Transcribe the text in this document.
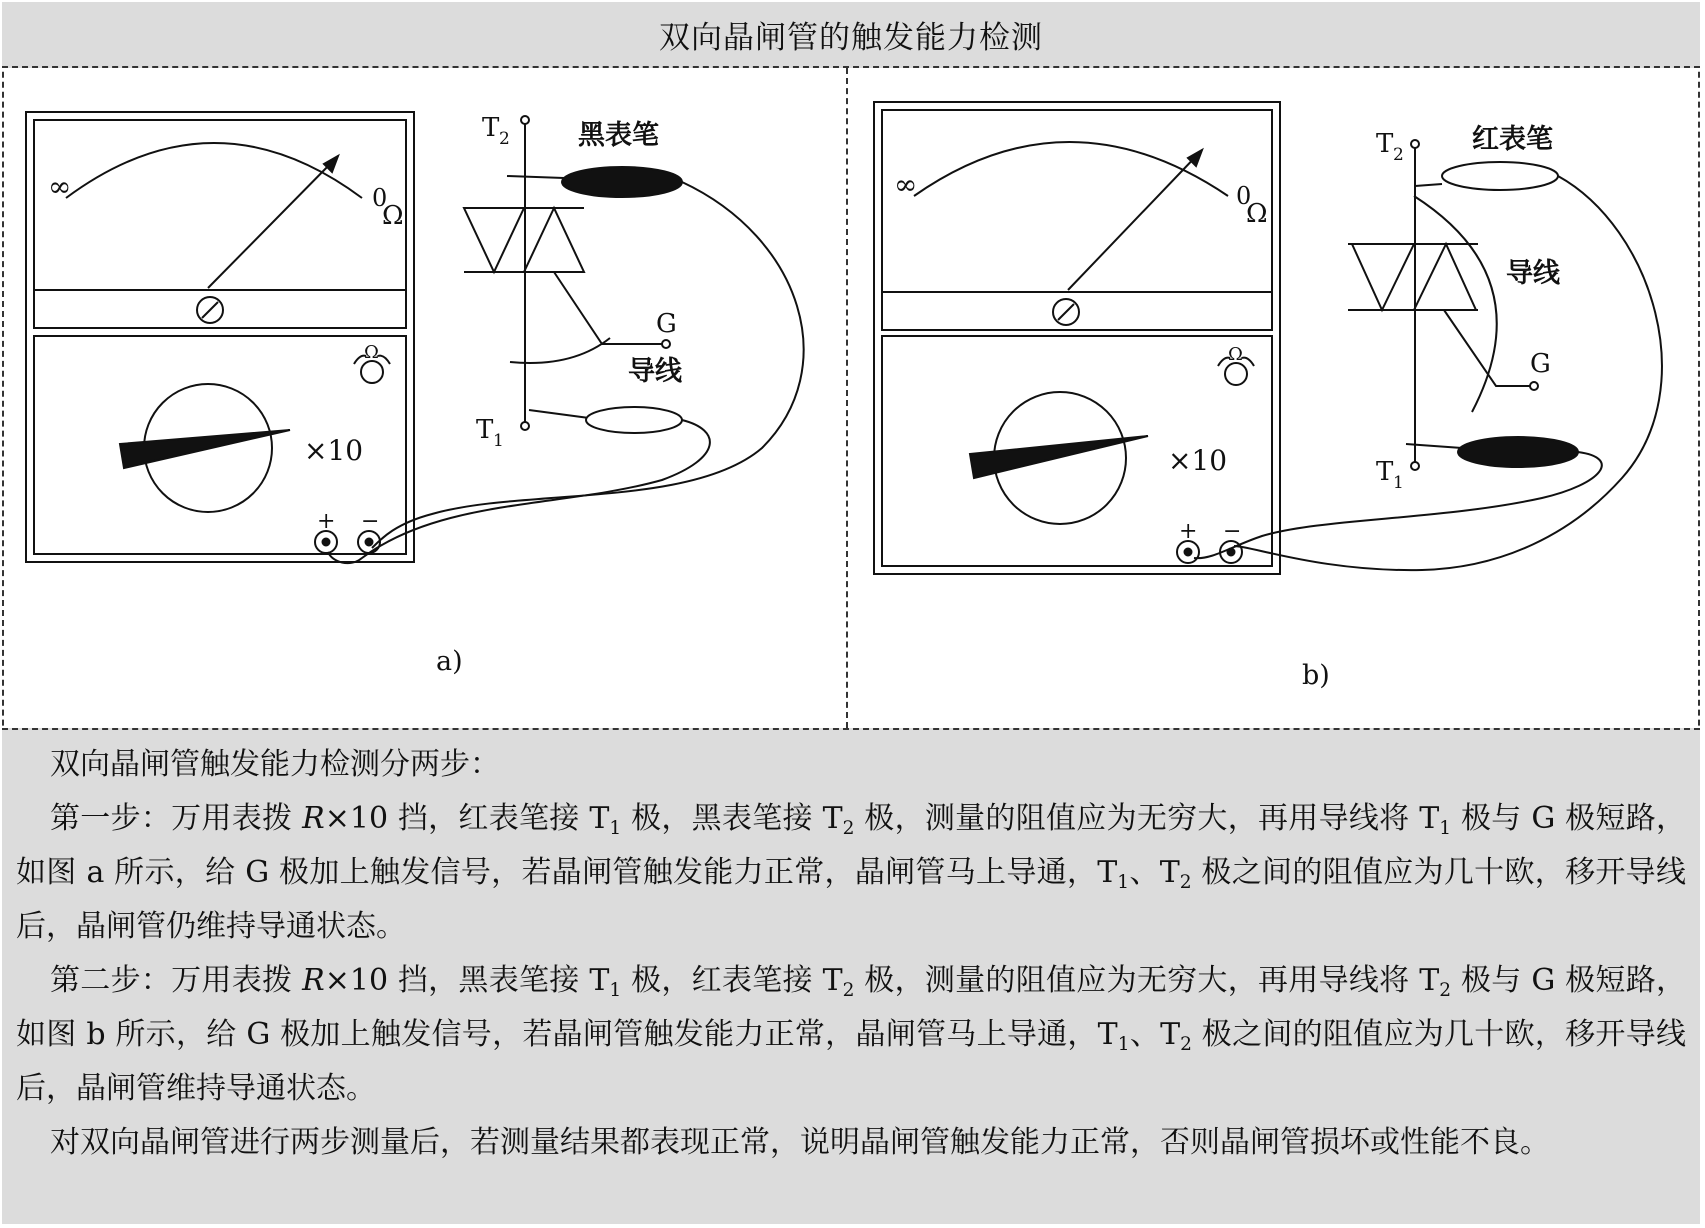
双向晶闸管的触发能力检测
∞	0
Ω
Ω
×10
+ −
T 2
T 1
G
黑表笔
导线
a)
∞	0
Ω
Ω
×10
+ −
T 2
T 1
G
红表笔
导线
b)

双向晶闸管触发能力检测分两步：

第一步：万用表拨 R×10 挡，红表笔接 $T_1$ 极，黑表笔接 $T_2$ 极，测量的阻值应为无穷大，再用导线将 $T_1$ 极与 G 极短路，如图 a 所示，给 G 极加上触发信号，若晶闸管触发能力正常，晶闸管马上导通，$T_1$、$T_2$ 极之间的阻值应为几十欧，移开导线后，晶闸管仍维持导通状态。

第二步：万用表拨 R×10 挡，黑表笔接 $T_1$ 极，红表笔接 $T_2$ 极，测量的阻值应为无穷大，再用导线将 $T_2$ 极与 G 极短路，如图 b 所示，给 G 极加上触发信号，若晶闸管触发能力正常，晶闸管马上导通，$T_1$、$T_2$ 极之间的阻值应为几十欧，移开导线后，晶闸管维持导通状态。

对双向晶闸管进行两步测量后，若测量结果都表现正常，说明晶闸管触发能力正常，否则晶闸管损坏或性能不良。
